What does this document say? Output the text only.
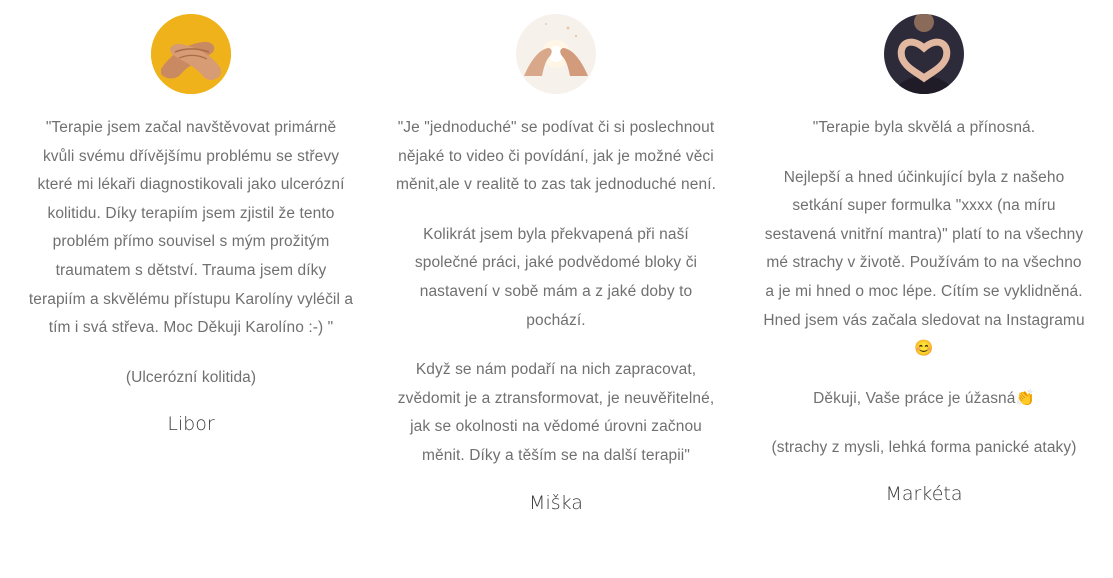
"Terapie jsem začal navštěvovat primárně kvůli svému dřívějšímu problému se střevy které mi lékaři diagnostikovali jako ulcerózní kolitidu. Díky terapiím jsem zjistil že tento problém přímo souvisel s mým prožitým traumatem s dětství. Trauma jsem díky terapiím a skvělému přístupu Karolíny vyléčil a tím i svá střeva. Moc Děkuji Karolíno :-) "

(Ulcerózní kolitida)

Libor

"Je "jednoduché" se podívat či si poslechnout nějaké to video či povídání, jak je možné věci měnit,ale v realitě to zas tak jednoduché není.

Kolikrát jsem byla překvapená při naší společné práci, jaké podvědomé bloky či nastavení v sobě mám a z jaké doby to pochází.

Když se nám podaří na nich zapracovat, zvědomit je a ztransformovat, je neuvěřitelné, jak se okolnosti na vědomé úrovni začnou měnit. Díky a těším se na další terapii"

Miška

"Terapie byla skvělá a přínosná.

Nejlepší a hned účinkující byla z našeho setkání super formulka "xxxx (na míru sestavená vnitřní mantra)" platí to na všechny mé strachy v životě. Používám to na všechno a je mi hned o moc lépe. Cítím se vyklidněná. Hned jsem vás začala sledovat na Instagramu😊

Děkuji, Vaše práce je úžasná👏

(strachy z mysli, lehká forma panické ataky)

Markéta
